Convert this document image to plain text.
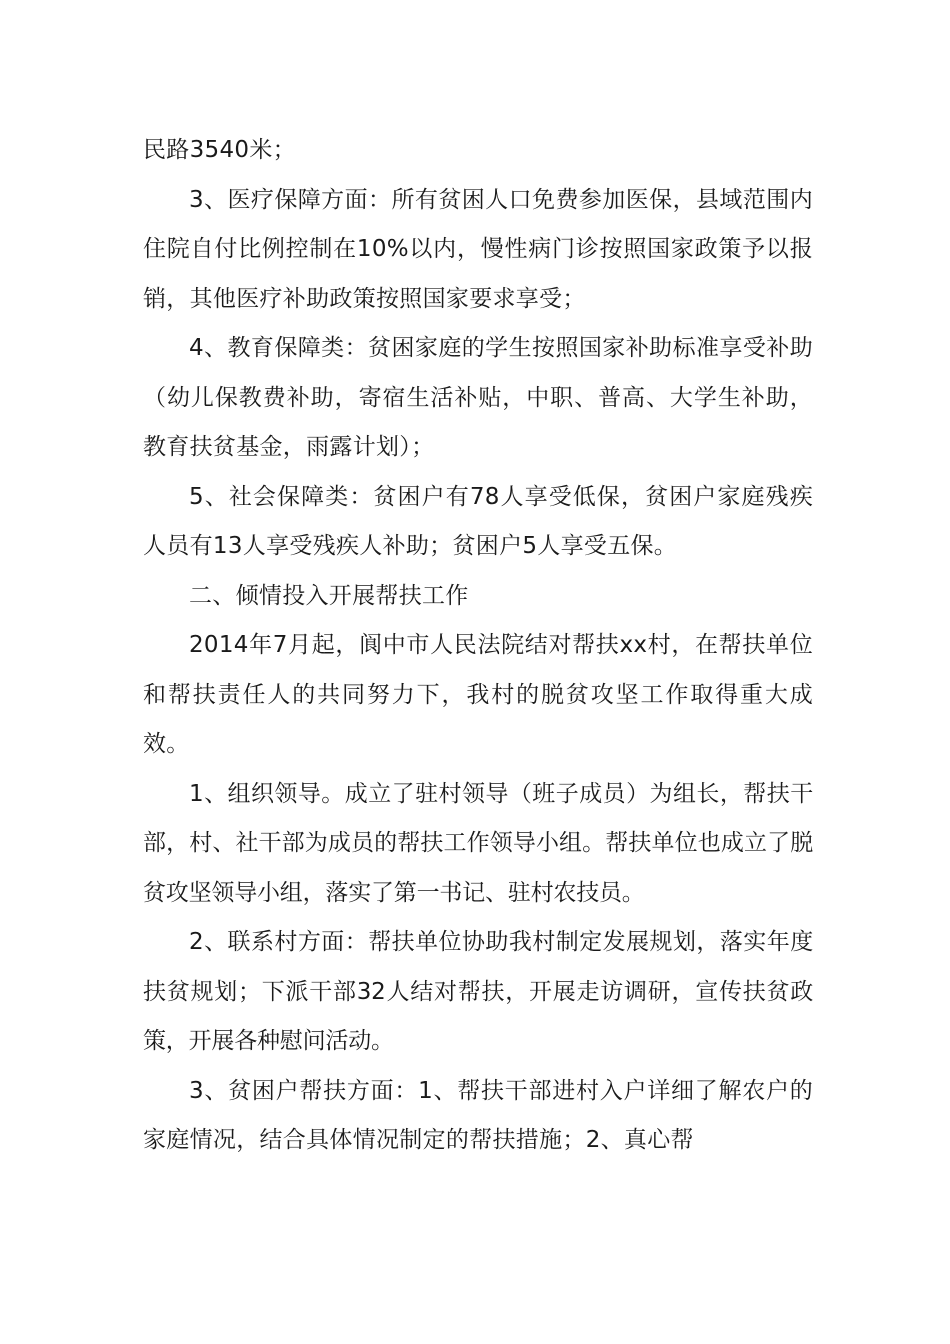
民路3540米；

3、医疗保障方面：所有贫困人口免费参加医保，县域范围内住院自付比例控制在10%以内，慢性病门诊按照国家政策予以报销，其他医疗补助政策按照国家要求享受；

4、教育保障类：贫困家庭的学生按照国家补助标准享受补助（幼儿保教费补助，寄宿生活补贴，中职、普高、大学生补助，教育扶贫基金，雨露计划）；

5、社会保障类：贫困户有78人享受低保，贫困户家庭残疾人员有13人享受残疾人补助；贫困户5人享受五保。

二、倾情投入开展帮扶工作

2014年7月起，阆中市人民法院结对帮扶xx村，在帮扶单位和帮扶责任人的共同努力下，我村的脱贫攻坚工作取得重大成效。

1、组织领导。成立了驻村领导（班子成员）为组长，帮扶干部，村、社干部为成员的帮扶工作领导小组。帮扶单位也成立了脱贫攻坚领导小组，落实了第一书记、驻村农技员。

2、联系村方面：帮扶单位协助我村制定发展规划，落实年度扶贫规划；下派干部32人结对帮扶，开展走访调研，宣传扶贫政策，开展各种慰问活动。

3、贫困户帮扶方面：1、帮扶干部进村入户详细了解农户的家庭情况，结合具体情况制定的帮扶措施；2、真心帮
